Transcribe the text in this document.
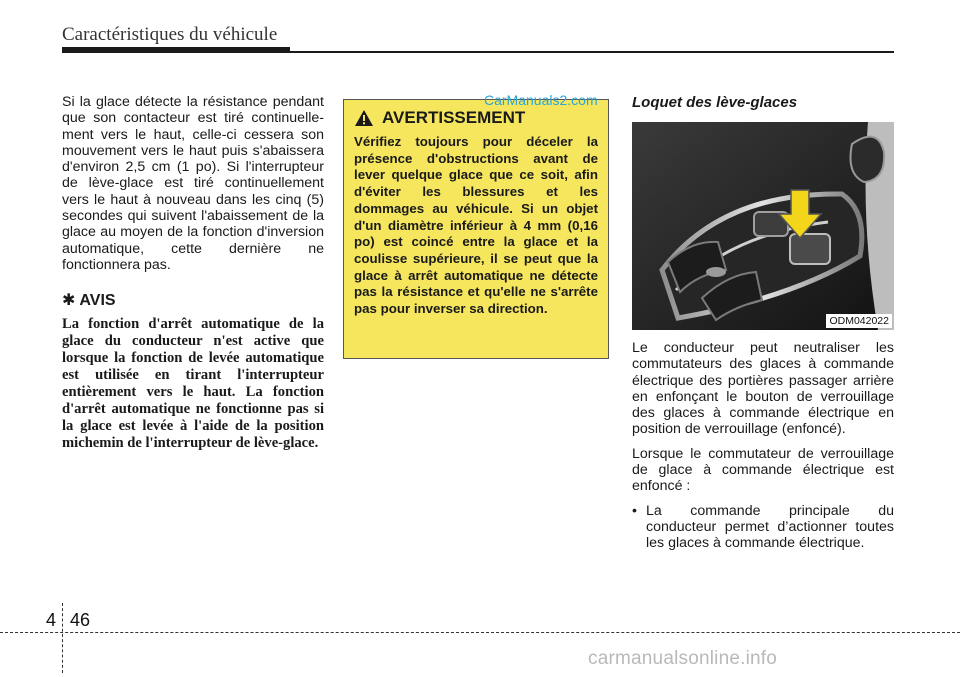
Caractéristiques du véhicule

Si la glace détecte la résistance pendant que son contacteur est tiré continuelle-ment vers le haut, celle-ci cessera son mouvement vers le haut puis s'abaissera d'environ 2,5 cm (1 po). Si l'interrupteur de lève-glace est tiré continuellement vers le haut à nouveau dans les cinq (5) secondes qui suivent l'abaissement de la glace au moyen de la fonction d'inversion automatique, cette dernière ne fonctionnera pas.

✱ AVIS
La fonction d'arrêt automatique de la glace du conducteur n'est active que lorsque la fonction de levée automatique est utilisée en tirant l'interrupteur entièrement vers le haut. La fonction d'arrêt automatique ne fonctionne pas si la glace est levée à l'aide de la position michemin de l'interrupteur de lève-glace.
AVERTISSEMENT

Vérifiez toujours pour déceler la présence d'obstructions avant de lever quelque glace que ce soit, afin d'éviter les blessures et les dommages au véhicule. Si un objet d'un diamètre inférieur à 4 mm (0,16 po) est coincé entre la glace et la coulisse supérieure, il se peut que la glace à arrêt automatique ne détecte pas la résistance et qu'elle ne s'arrête pas pour inverser sa direction.

CarManuals2.com Loquet des lève-glaces
ODM042022

Le conducteur peut neutraliser les commutateurs des glaces à commande électrique des portières passager arrière en enfonçant le bouton de verrouillage des glaces à commande électrique en position de verrouillage (enfoncé).

Lorsque le commutateur de verrouillage de glace à commande électrique est enfoncé :

• La commande principale du conducteur permet d’actionner toutes les glaces à commande électrique.
4 46
carmanualsonline.info
